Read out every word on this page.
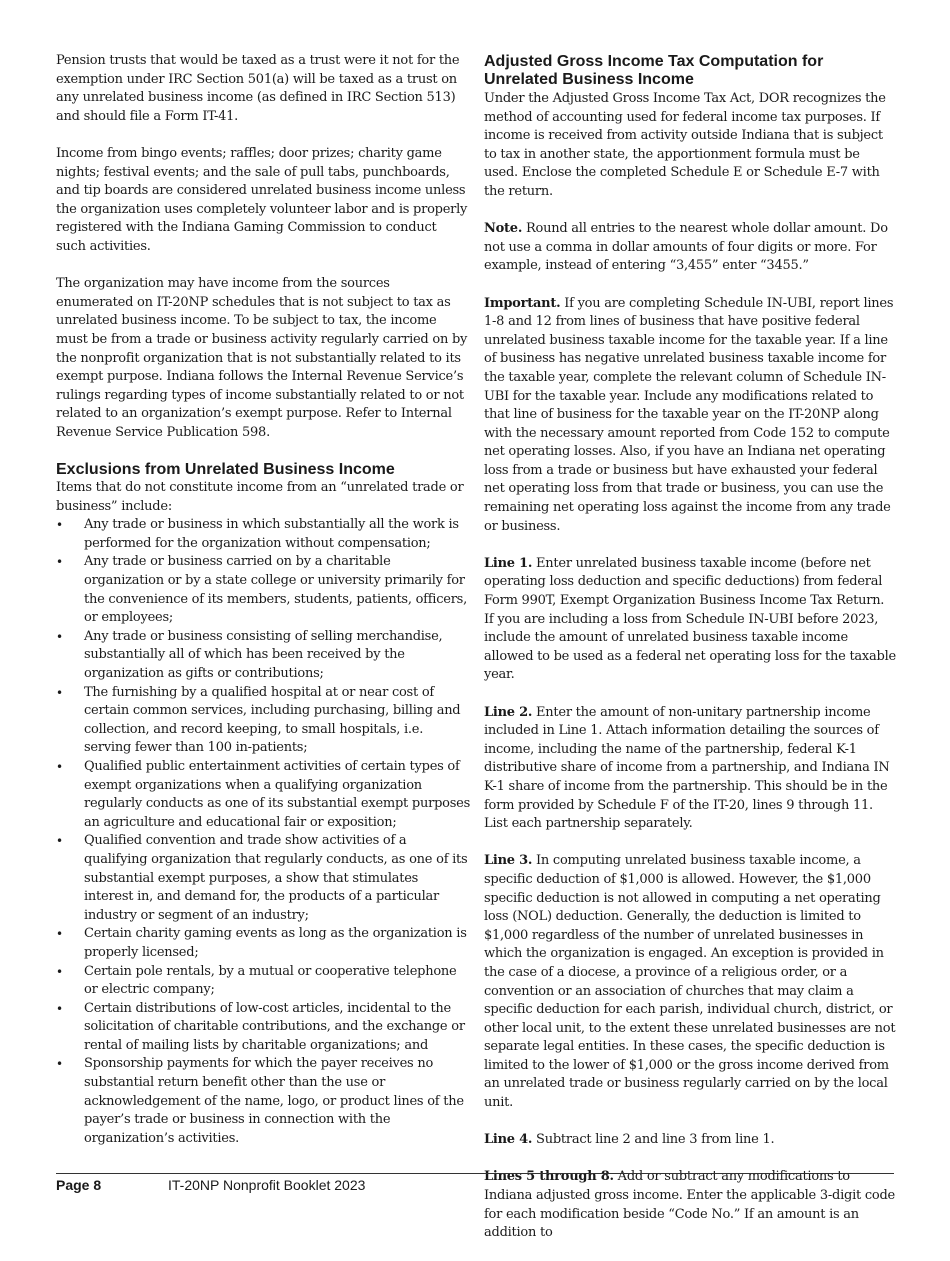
Pension trusts that would be taxed as a trust were it not for the exemption under IRC Section 501(a) will be taxed as a trust on any unrelated business income (as defined in IRC Section 513) and should file a Form IT-41.

Income from bingo events; raffles; door prizes; charity game nights; festival events; and the sale of pull tabs, punchboards, and tip boards are considered unrelated business income unless the organization uses completely volunteer labor and is properly registered with the Indiana Gaming Commission to conduct such activities.

The organization may have income from the sources enumerated on IT-20NP schedules that is not subject to tax as unrelated business income. To be subject to tax, the income must be from a trade or business activity regularly carried on by the nonprofit organization that is not substantially related to its exempt purpose. Indiana follows the Internal Revenue Service’s rulings regarding types of income substantially related to or not related to an organization’s exempt purpose. Refer to Internal Revenue Service Publication 598.

Exclusions from Unrelated Business Income
Items that do not constitute income from an “unrelated trade or business” include:
• Any trade or business in which substantially all the work is performed for the organization without compensation;
• Any trade or business carried on by a charitable organization or by a state college or university primarily for the convenience of its members, students, patients, officers, or employees;
• Any trade or business consisting of selling merchandise, substantially all of which has been received by the organization as gifts or contributions;
• The furnishing by a qualified hospital at or near cost of certain common services, including purchasing, billing and collection, and record keeping, to small hospitals, i.e. serving fewer than 100 in-patients;
• Qualified public entertainment activities of certain types of exempt organizations when a qualifying organization regularly conducts as one of its substantial exempt purposes an agriculture and educational fair or exposition;
• Qualified convention and trade show activities of a qualifying organization that regularly conducts, as one of its substantial exempt purposes, a show that stimulates interest in, and demand for, the products of a particular industry or segment of an industry;
• Certain charity gaming events as long as the organization is properly licensed;
• Certain pole rentals, by a mutual or cooperative telephone or electric company;
• Certain distributions of low-cost articles, incidental to the solicitation of charitable contributions, and the exchange or rental of mailing lists by charitable organizations; and
• Sponsorship payments for which the payer receives no substantial return benefit other than the use or acknowledgement of the name, logo, or product lines of the payer’s trade or business in connection with the organization’s activities.
Adjusted Gross Income Tax Computation for Unrelated Business Income

Under the Adjusted Gross Income Tax Act, DOR recognizes the method of accounting used for federal income tax purposes. If income is received from activity outside Indiana that is subject to tax in another state, the apportionment formula must be used. Enclose the completed Schedule E or Schedule E-7 with the return.

Note. Round all entries to the nearest whole dollar amount. Do not use a comma in dollar amounts of four digits or more. For example, instead of entering “3,455” enter “3455.”

Important. If you are completing Schedule IN-UBI, report lines 1-8 and 12 from lines of business that have positive federal unrelated business taxable income for the taxable year. If a line of business has negative unrelated business taxable income for the taxable year, complete the relevant column of Schedule IN-UBI for the taxable year. Include any modifications related to that line of business for the taxable year on the IT-20NP along with the necessary amount reported from Code 152 to compute net operating losses. Also, if you have an Indiana net operating loss from a trade or business but have exhausted your federal net operating loss from that trade or business, you can use the remaining net operating loss against the income from any trade or business.

Line 1. Enter unrelated business taxable income (before net operating loss deduction and specific deductions) from federal Form 990T, Exempt Organization Business Income Tax Return. If you are including a loss from Schedule IN-UBI before 2023, include the amount of unrelated business taxable income allowed to be used as a federal net operating loss for the taxable year.

Line 2. Enter the amount of non-unitary partnership income included in Line 1. Attach information detailing the sources of income, including the name of the partnership, federal K-1 distributive share of income from a partnership, and Indiana IN K-1 share of income from the partnership. This should be in the form provided by Schedule F of the IT-20, lines 9 through 11. List each partnership separately.

Line 3. In computing unrelated business taxable income, a specific deduction of $1,000 is allowed. However, the $1,000 specific deduction is not allowed in computing a net operating loss (NOL) deduction. Generally, the deduction is limited to $1,000 regardless of the number of unrelated businesses in which the organization is engaged. An exception is provided in the case of a diocese, a province of a religious order, or a convention or an association of churches that may claim a specific deduction for each parish, individual church, district, or other local unit, to the extent these unrelated businesses are not separate legal entities. In these cases, the specific deduction is limited to the lower of $1,000 or the gross income derived from an unrelated trade or business regularly carried on by the local unit.

Line 4. Subtract line 2 and line 3 from line 1.

Lines 5 through 8. Add or subtract any modifications to Indiana adjusted gross income. Enter the applicable 3-digit code for each modification beside “Code No.” If an amount is an addition to

Page 8	IT-20NP Nonprofit Booklet 2023
